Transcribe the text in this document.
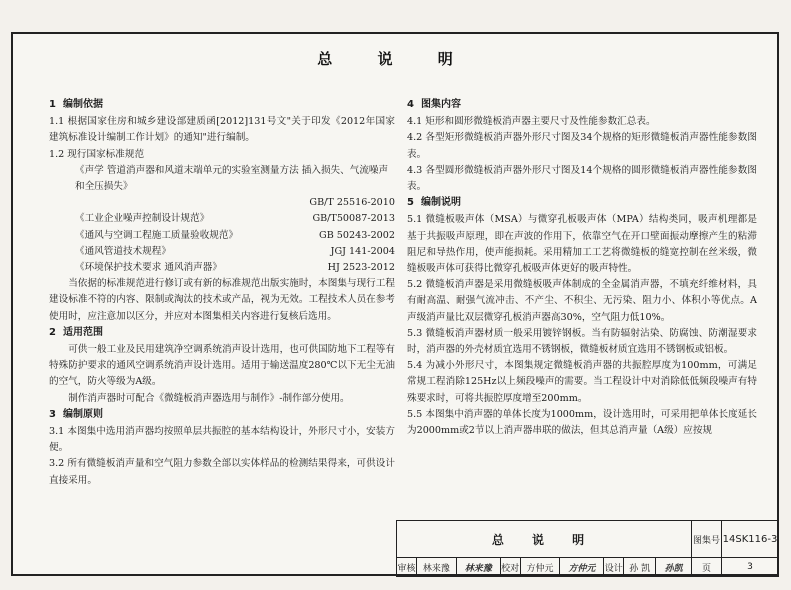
总 说 明
1 编制依据

1.1 根据国家住房和城乡建设部建质函[2012]131号文"关于印发《2012年国家建筑标准设计编制工作计划》的通知"进行编制。

1.2 现行国家标准规范

《声学 管道消声器和风道末端单元的实验室测量方法 插入损失、气流噪声和全压损失》

GB/T 25516-2010

《工业企业噪声控制设计规范》	GB/T50087-2013
《通风与空调工程施工质量验收规范》	GB 50243-2002
《通风管道技术规程》	JGJ 141-2004
《环境保护技术要求 通风消声器》	HJ 2523-2012

当依据的标准规范进行修订或有新的标准规范出版实施时，本图集与现行工程建设标准不符的内容、限制或淘汰的技术或产品，视为无效。工程技术人员在参考使用时，应注意加以区分，并应对本图集相关内容进行复核后选用。

2 适用范围

可供一般工业及民用建筑净空调系统消声设计选用，也可供国防地下工程等有特殊防护要求的通风空调系统消声设计选用。适用于输送温度280℃以下无尘无油的空气，防火等级为A级。

制作消声器时可配合《微缝板消声器选用与制作》-制作部分使用。

3 编制原则

3.1 本图集中选用消声器均按照单层共振腔的基本结构设计，外形尺寸小，安装方便。

3.2 所有微缝板消声量和空气阻力参数全部以实体样品的检测结果得来，可供设计直接采用。

4 图集内容

4.1 矩形和圆形微缝板消声器主要尺寸及性能参数汇总表。

4.2 各型矩形微缝板消声器外形尺寸图及34个规格的矩形微缝板消声器性能参数图表。

4.3 各型圆形微缝板消声器外形尺寸图及14个规格的圆形微缝板消声器性能参数图表。

5 编制说明

5.1 微缝板吸声体（MSA）与微穿孔板吸声体（MPA）结构类同，吸声机理都是基于共振吸声原理，即在声波的作用下，依靠空气在开口壁面振动摩擦产生的粘滞阻尼和导热作用，使声能损耗。采用精加工工艺将微缝板的缝宽控制在丝米级，微缝板吸声体可获得比微穿孔板吸声体更好的吸声特性。

5.2 微缝板消声器是采用微缝板吸声体制成的全金属消声器，不填充纤维材料，具有耐高温、耐强气流冲击、不产尘、不积尘、无污染、阻力小、体积小等优点。A声级消声量比双层微穿孔板消声器高30%，空气阻力低10%。

5.3 微缝板消声器材质一般采用镀锌钢板。当有防辐射沾染、防腐蚀、防潮湿要求时，消声器的外壳材质宜选用不锈钢板，微缝板材质宜选用不锈钢板或铝板。

5.4 为减小外形尺寸，本图集规定微缝板消声器的共振腔厚度为100mm，可满足常规工程消除125Hz以上频段噪声的需要。当工程设计中对消除低低频段噪声有特殊要求时，可将共振腔厚度增至200mm。

5.5 本图集中消声器的单体长度为1000mm，设计选用时，可采用把单体长度延长为2000mm或2节以上消声器串联的做法，但其总消声量（A级）应按规

总 说 明									图集号	14SK116-3
审核	林来豫	林来豫	校对	方仲元	方仲元	设计	孙 凯	孙凯	页	3
